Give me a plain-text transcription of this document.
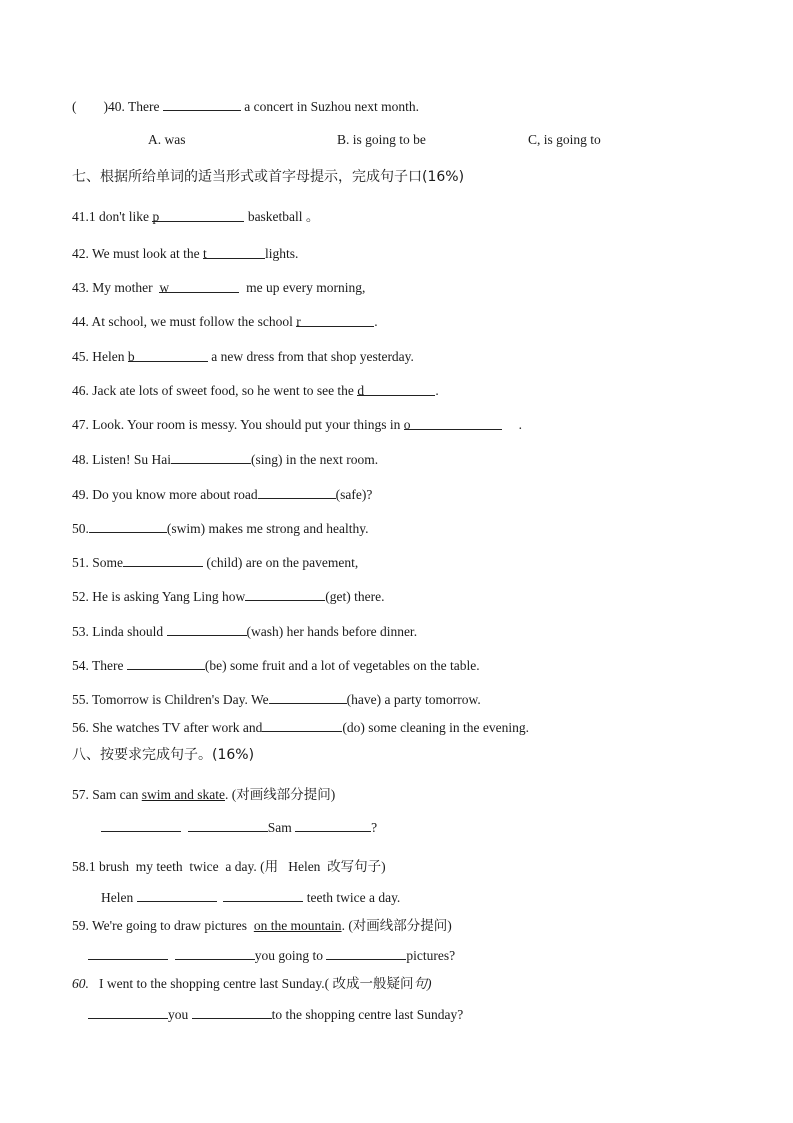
(        )40. There	a concert in Suzhou next month.
A. was	B. is going to be	C, is going to
七、根据所给单词的适当形式或首字母提示，完成句子口(16%)
41.1 don't like p	basketball 。
42. We must look at the t	lights.
43. My mother w	me up every morning,
44. At school, we must follow the school r	.
45. Helen b	a new dress from that shop yesterday.
46. Jack ate lots of sweet food, so he went to see the d	.
47. Look. Your room is messy. You should put your things in o	.
48. Listen! Su Hai	(sing) in the next room.
49. Do you know more about road	(safe)?
50.	(swim) makes me strong and healthy.
51. Some	(child) are on the pavement,
52. He is asking Yang Ling how	(get) there.
53. Linda should	(wash) her hands before dinner.
54. There	(be) some fruit and a lot of vegetables on the table.
55. Tomorrow is Children's Day. We	(have) a party tomorrow.
56. She watches TV after work and	(do) some cleaning in the evening.
八、按要求完成句子。(16%)
57. Sam can swim and skate. (对画线部分提问)
Sam	?
58.1 brush  my teeth  twice  a day. (用   Helen  改写句子)
Helen	teeth twice a day.
59. We're going to draw pictures on the mountain. (对画线部分提问)
you going to	pictures?
60. I went to the shopping centre last Sunday.( 改成一般疑问句)
you	to the shopping centre last Sunday?
